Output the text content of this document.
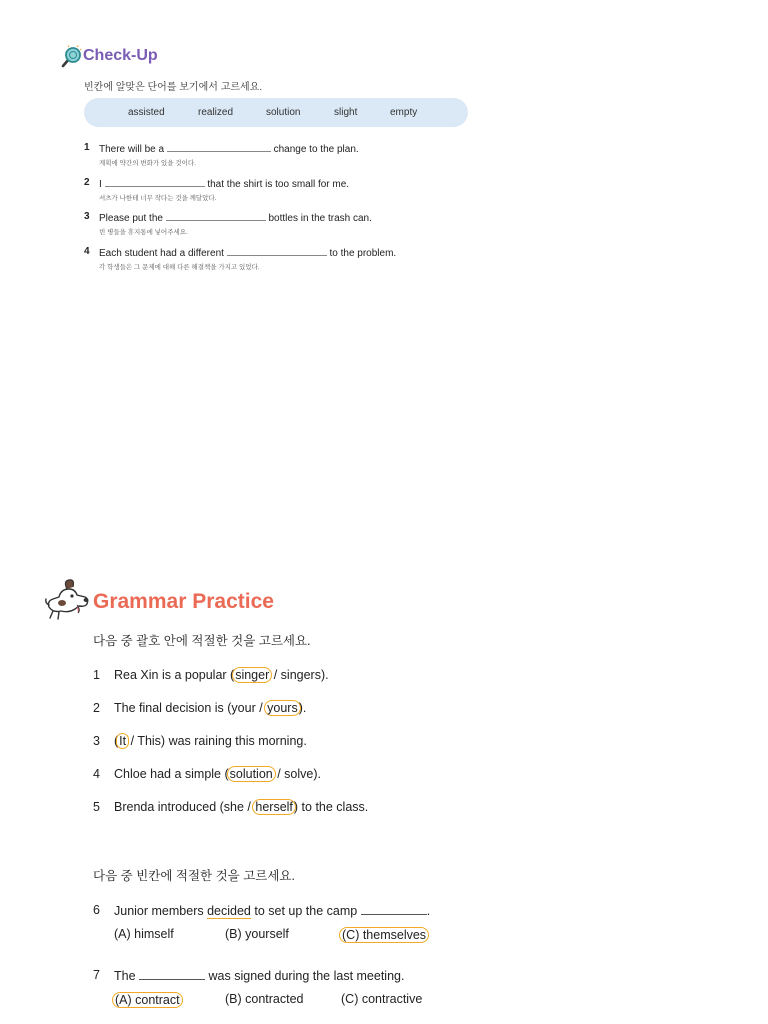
Check-Up
빈칸에 알맞은 단어를 보기에서 고르세요.
assisted	realized	solution	slight	empty
1 There will be a	change to the plan.
계획에 약간의 변화가 있을 것이다.
2 I	that the shirt is too small for me.
셔츠가 나한테 너무 작다는 것을 깨달았다.
3 Please put the	bottles in the trash can.
빈 병들을 휴지통에 넣어주세요.
4 Each student had a different	to the problem.
각 학생들은 그 문제에 대해 다른 해결책을 가지고 있었다.
Grammar Practice
다음 중 괄호 안에 적절한 것을 고르세요.
1 Rea Xin is a popular (singer / singers).
2 The final decision is (your / yours).
3 (It / This) was raining this morning.
4 Chloe had a simple (solution / solve).
5 Brenda introduced (she / herself) to the class.
다음 중 빈칸에 적절한 것을 고르세요.
6 Junior members decided to set up the camp	.
(A) himself	(B) yourself	(C) themselves
7 The	was signed during the last meeting.
(A) contract	(B) contracted	(C) contractive
